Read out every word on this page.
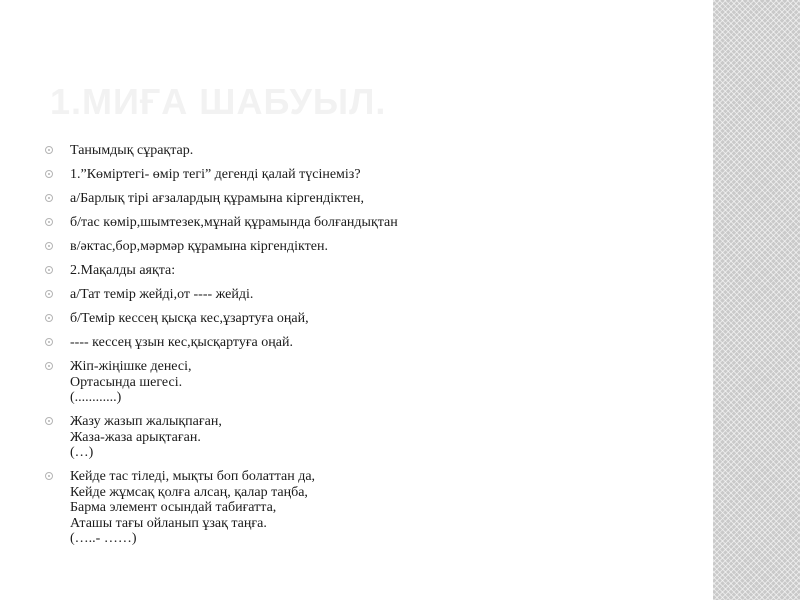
1.МИҒА ШАБУЫЛ.
Танымдық сұрақтар.
1.”Көміртегі- өмір тегі” дегенді қалай түсінеміз?
а/Барлық тірі ағзалардың құрамына кіргендіктен,
б/тас көмір,шымтезек,мұнай құрамында болғандықтан
в/әктас,бор,мәрмәр құрамына кіргендіктен.
2.Мақалды аяқта:
а/Тат темір жейді,от ---- жейді.
б/Темір кессең қысқа кес,ұзартуға оңай,
---- кессең ұзын кес,қысқартуға оңай.
Жіп-жіңішке денесі,
Ортасында шегесі.
(............)
Жазу жазып жалықпаған,
Жаза-жаза арықтаған.
(…)
Кейде тас тіледі, мықты боп болаттан да,
Кейде жұмсақ қолға алсаң, қалар таңба,
Барма элемент осындай табиғатта,
Аташы тағы ойланып ұзақ таңға.
(…..- ……)
